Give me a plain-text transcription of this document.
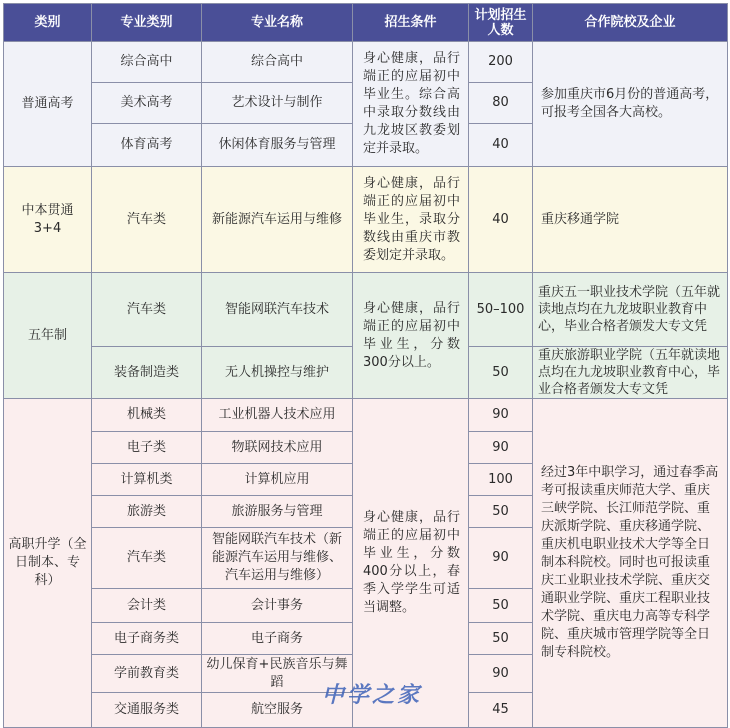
类别	专业类别	专业名称	招生条件	计划招生人数	合作院校及企业
普通高考	综合高中	综合高中	身心健康，品行端正的应届初中毕业生。综合高中录取分数线由九龙坡区教委划定并录取。	200	参加重庆市6月份的普通高考，可报考全国各大高校。
	美术高考	艺术设计与制作		80	
	体育高考	休闲体育服务与管理		40	
中本贯通3+4	汽车类	新能源汽车运用与维修	身心健康，品行端正的应届初中毕业生，录取分数线由重庆市教委划定并录取。	40	重庆移通学院
五年制	汽车类	智能网联汽车技术	身心健康，品行端正的应届初中毕业生，分数300分以上。	50–100	重庆五一职业技术学院（五年就读地点均在九龙坡职业教育中心，毕业合格者颁发大专文凭
	装备制造类	无人机操控与维护		50	重庆旅游职业学院（五年就读地点均在九龙坡职业教育中心，毕业合格者颁发大专文凭
高职升学（全日制本、专科）	机械类	工业机器人技术应用	身心健康，品行端正的应届初中毕业生，分数400分以上，春季入学学生可适当调整。	90	经过3年中职学习，通过春季高考可报读重庆师范大学、重庆三峡学院、长江师范学院、重庆派斯学院、重庆移通学院、重庆机电职业技术大学等全日制本科院校。同时也可报读重庆工业职业技术学院、重庆交通职业学院、重庆工程职业技术学院、重庆电力高等专科学院、重庆城市管理学院等全日制专科院校。
	电子类	物联网技术应用		90	
	计算机类	计算机应用		100	
	旅游类	旅游服务与管理		50	
	汽车类	智能网联汽车技术（新能源汽车运用与维修、汽车运用与维修）		90	
	会计类	会计事务		50	
	电子商务类	电子商务		50	
	学前教育类	幼儿保育+民族音乐与舞蹈		90	
	交通服务类	航空服务		45	
中学之家
